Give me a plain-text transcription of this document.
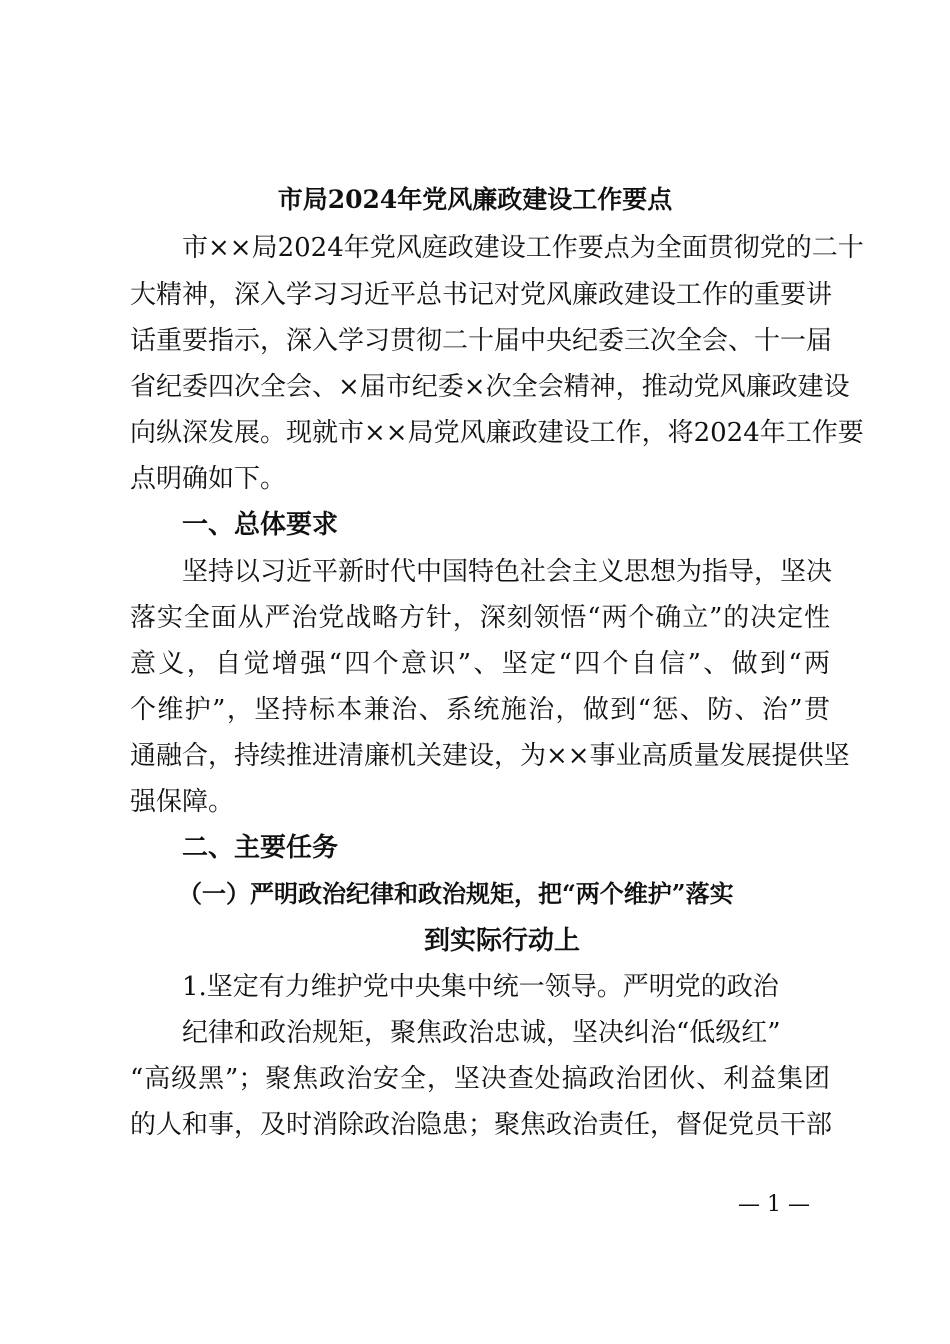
市局2024年党风廉政建设工作要点
　　市××局2024年党风庭政建设工作要点为全面贯彻党的二十
大精神，深入学习习近平总书记对党风廉政建设工作的重要讲
话重要指示，深入学习贯彻二十届中央纪委三次全会、十一届
省纪委四次全会、×届市纪委×次全会精神，推动党风廉政建设
向纵深发展。现就市××局党风廉政建设工作，将2024年工作要
点明确如下。
　　一、总体要求
　　坚持以习近平新时代中国特色社会主义思想为指导，坚决
落实全面从严治党战略方针，深刻领悟“两个确立”的决定性
意义，自觉增强“四个意识”、坚定“四个自信”、做到“两
个维护”，坚持标本兼治、系统施治，做到“惩、防、治”贯
通融合，持续推进清廉机关建设，为××事业高质量发展提供坚
强保障。
　　二、主要任务
（一）严明政治纪律和政治规矩，把“两个维护”落实
到实际行动上
　　1.坚定有力维护党中央集中统一领导。严明党的政治
　　纪律和政治规矩，聚焦政治忠诚，坚决纠治“低级红”
“高级黑”；聚焦政治安全，坚决查处搞政治团伙、利益集团
的人和事，及时消除政治隐患；聚焦政治责任，督促党员干部
— 1 —
